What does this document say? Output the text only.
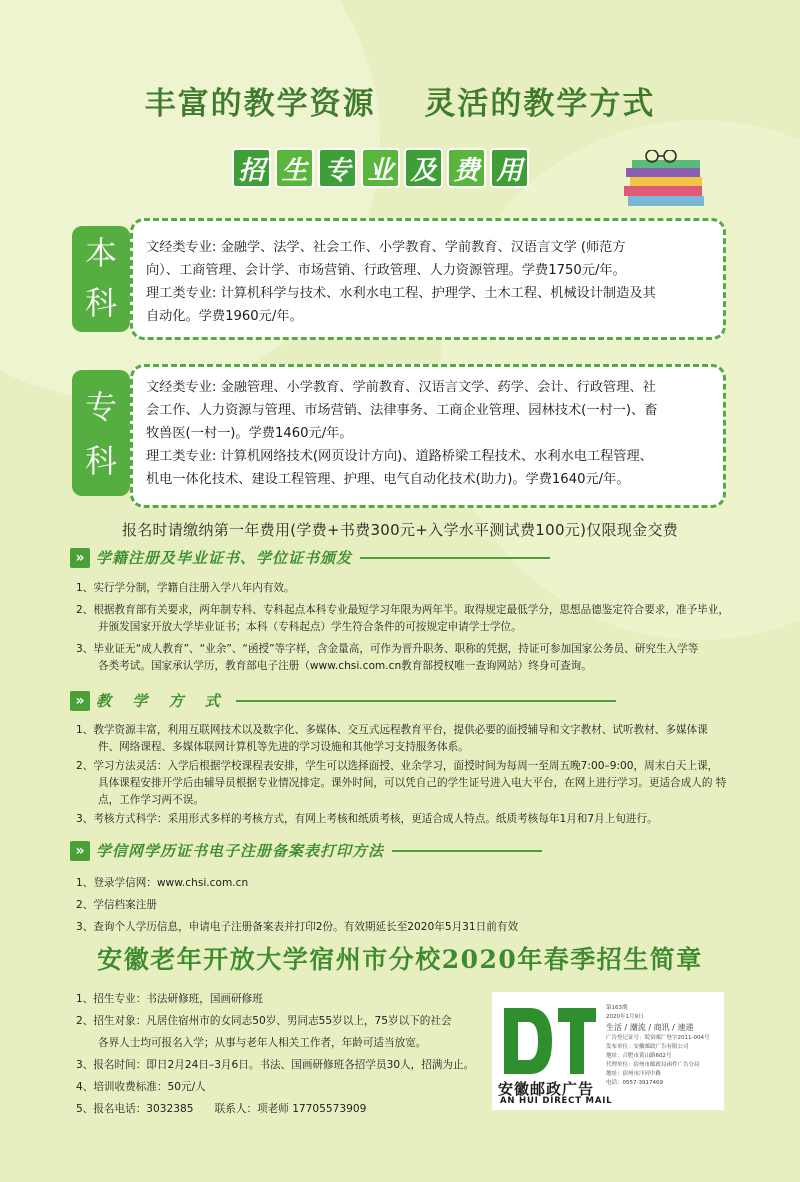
丰富的教学资源 灵活的教学方式
招 生 专 业 及 费 用
本
科
文经类专业: 金融学、法学、社会工作、小学教育、学前教育、汉语言文学 (师范方
向）、工商管理、会计学、市场营销、行政管理、人力资源管理。学费1750元/年。
理工类专业: 计算机科学与技术、水利水电工程、护理学、土木工程、机械设计制造及其
自动化。学费1960元/年。
专
科
文经类专业: 金融管理、小学教育、学前教育、汉语言文学、药学、会计、行政管理、社
会工作、人力资源与管理、市场营销、法律事务、工商企业管理、园林技术(一村一)、畜
牧兽医(一村一)。学费1460元/年。
理工类专业: 计算机网络技术(网页设计方向)、道路桥梁工程技术、水利水电工程管理、
机电一体化技术、建设工程管理、护理、电气自动化技术(助力)。学费1640元/年。
报名时请缴纳第一年费用(学费+书费300元+入学水平测试费100元)仅限现金交费
» 学籍注册及毕业证书、学位证书颁发
1、实行学分制，学籍自注册入学八年内有效。
2、根据教育部有关要求，两年制专科、专科起点本科专业最短学习年限为两年半。取得规定最低学分，思想品德鉴定符合要求，准予毕业，
并颁发国家开放大学毕业证书；本科（专科起点）学生符合条件的可按规定申请学士学位。
3、毕业证无“成人教育”、“业余”、“函授”等字样，含金量高，可作为晋升职务、职称的凭据，持证可参加国家公务员、研究生入学等
各类考试。国家承认学历，教育部电子注册（www.chsi.com.cn教育部授权唯一查询网站）终身可查询。
» 教 学 方 式
1、教学资源丰富，利用互联网技术以及数字化、多媒体、交互式远程教育平台，提供必要的面授辅导和文字教材、试听教材、多媒体课
件、网络课程、多媒体联网计算机等先进的学习设施和其他学习支持服务体系。
2、学习方法灵活：入学后根据学校课程表安排，学生可以选择面授、业余学习，面授时间为每周一至周五晚7:00–9:00，周末白天上课，
具体课程安排开学后由辅导员根据专业情况排定。课外时间，可以凭自己的学生证号进入电大平台，在网上进行学习。更适合成人的 特
点，工作学习两不误。
3、考核方式科学：采用形式多样的考核方式，有网上考核和纸质考核，更适合成人特点。纸质考核每年1月和7月上旬进行。
» 学信网学历证书电子注册备案表打印方法
1、登录学信网：www.chsi.com.cn
2、学信档案注册
3、查询个人学历信息，申请电子注册备案表并打印2份。有效期延长至2020年5月31日前有效
安徽老年开放大学宿州市分校2020年春季招生简章
1、招生专业：书法研修班，国画研修班
2、招生对象：凡居住宿州市的女同志50岁、男同志55岁以上，75岁以下的社会
各界人士均可报名入学；从事与老年人相关工作者，年龄可适当放宽。
3、报名时间：即日2月24日–3月6日。书法、国画研修班各招学员30人，招满为止。
4、培训收费标准：50元/人
5、报名电话：3032385　　联系人：项老师 17705573909
安徽邮政广告
AN HUI DIRECT MAIL
第163期
2020年1月9日
生活 / 潮流 / 商讯 / 速递
广告登记证号：皖宿邮广登字2011-004号
发布单位：安徽邮政广告有限公司
地址：合肥市黄山路602号
代理单位：宿州市邮政局函件广告分局
地址：宿州市汴河中路
电话：0557-3917469
